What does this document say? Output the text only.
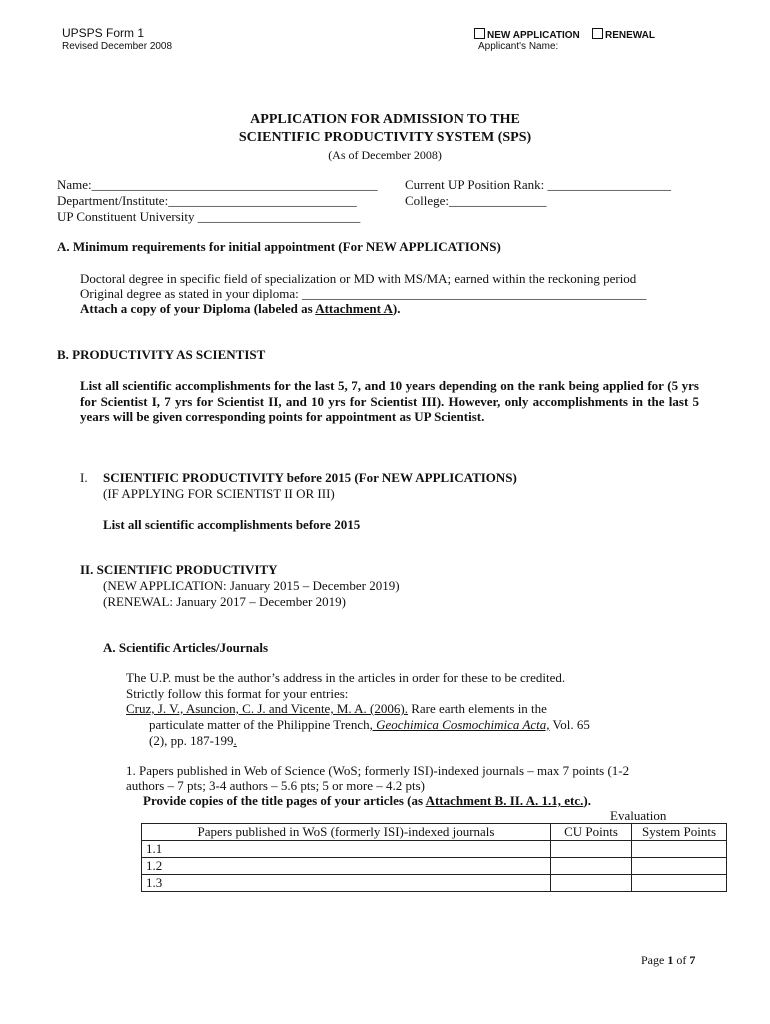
UPSPS Form 1
Revised December 2008
NEW APPLICATION	RENEWAL
Applicant's Name:
APPLICATION FOR ADMISSION TO THE
SCIENTIFIC PRODUCTIVITY SYSTEM (SPS)
(As of December 2008)
Name:____________________________________________
Department/Institute:_____________________________
UP Constituent University _________________________
Current UP Position Rank: ___________________
College:_______________
A. Minimum requirements for initial appointment (For NEW APPLICATIONS)
Doctoral degree in specific field of specialization or MD with MS/MA; earned within the reckoning period
Original degree as stated in your diploma: _____________________________________________________
Attach a copy of your Diploma (labeled as Attachment A).
B. PRODUCTIVITY AS SCIENTIST
List all scientific accomplishments for the last 5, 7, and 10 years depending on the rank being applied for (5 yrs for Scientist I, 7 yrs for Scientist II, and 10 yrs for Scientist III). However, only accomplishments in the last 5 years will be given corresponding points for appointment as UP Scientist.
I. SCIENTIFIC PRODUCTIVITY before 2015 (For NEW APPLICATIONS)
(IF APPLYING FOR SCIENTIST II OR III)
List all scientific accomplishments before 2015
II. SCIENTIFIC PRODUCTIVITY
(NEW APPLICATION: January 2015 – December 2019)
(RENEWAL: January 2017 – December 2019)
A. Scientific Articles/Journals
The U.P. must be the author’s address in the articles in order for these to be credited.
Strictly follow this format for your entries:
Cruz, J. V., Asuncion, C. J. and Vicente, M. A. (2006). Rare earth elements in the
particulate matter of the Philippine Trench, Geochimica Cosmochimica Acta, Vol. 65
(2), pp. 187-199.
1. Papers published in Web of Science (WoS; formerly ISI)-indexed journals – max 7 points (1-2
authors – 7 pts; 3-4 authors – 5.6 pts; 5 or more – 4.2 pts)
Provide copies of the title pages of your articles (as Attachment B. II. A. 1.1, etc.).
Evaluation
Papers published in WoS (formerly ISI)-indexed journals	CU Points	System Points
1.1		
1.2		
1.3		
Page 1 of 7
